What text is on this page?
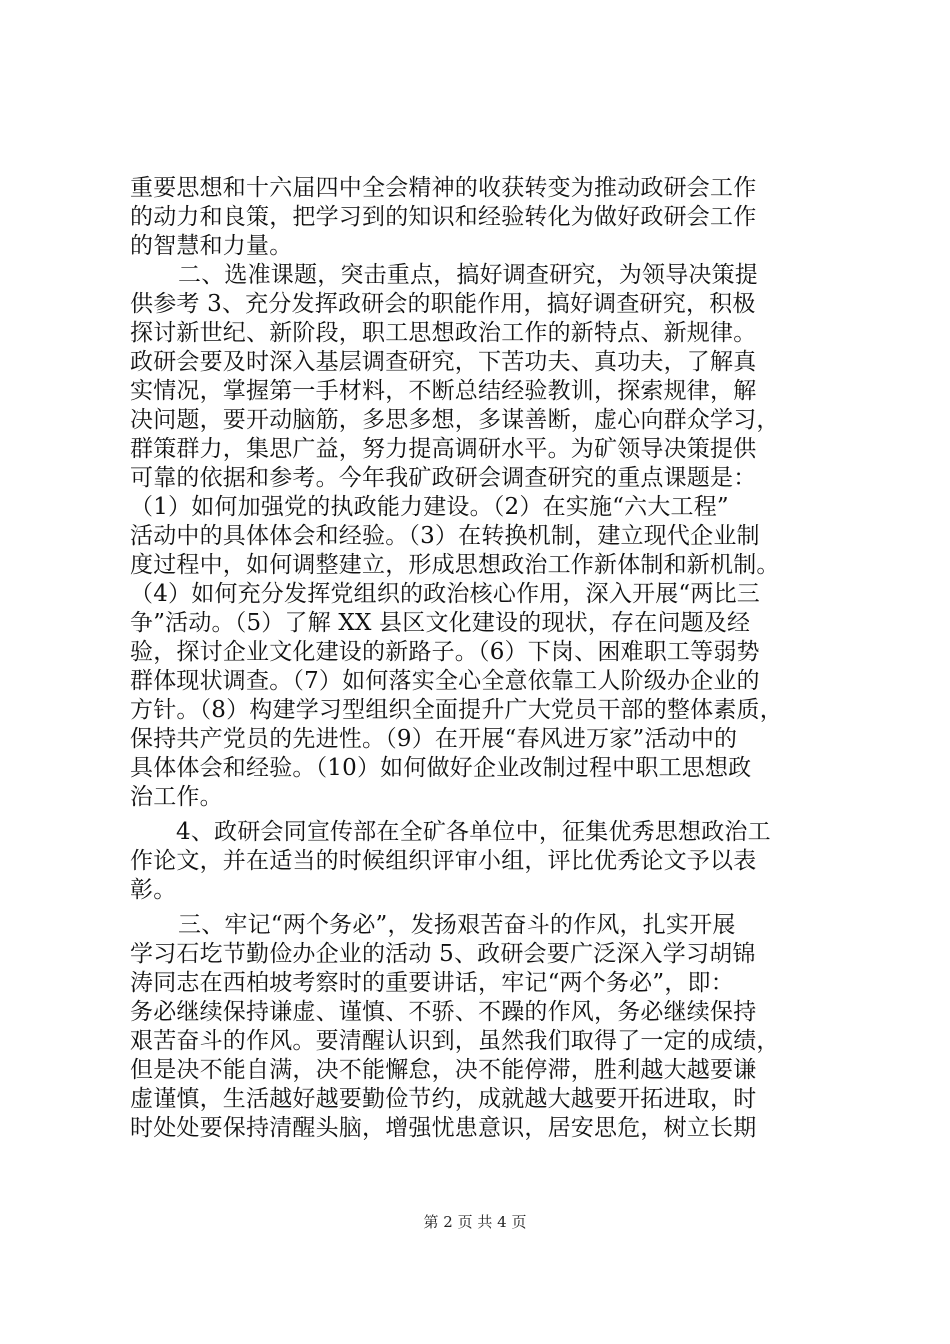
重要思想和十六届四中全会精神的收获转变为推动政研会工作
的动力和良策，把学习到的知识和经验转化为做好政研会工作
的智慧和力量。

二、选准课题，突击重点，搞好调查研究，为领导决策提
供参考 3、充分发挥政研会的职能作用，搞好调查研究，积极
探讨新世纪、新阶段，职工思想政治工作的新特点、新规律。
政研会要及时深入基层调查研究，下苦功夫、真功夫，了解真
实情况，掌握第一手材料，不断总结经验教训，探索规律，解
决问题，要开动脑筋，多思多想，多谋善断，虚心向群众学习，
群策群力，集思广益，努力提高调研水平。为矿领导决策提供
可靠的依据和参考。今年我矿政研会调查研究的重点课题是：
（1）如何加强党的执政能力建设。（2）在实施“六大工程”
活动中的具体体会和经验。（3）在转换机制，建立现代企业制
度过程中，如何调整建立，形成思想政治工作新体制和新机制。
（4）如何充分发挥党组织的政治核心作用，深入开展“两比三
争”活动。（5）了解 XX 县区文化建设的现状，存在问题及经
验，探讨企业文化建设的新路子。（6）下岗、困难职工等弱势
群体现状调查。（7）如何落实全心全意依靠工人阶级办企业的
方针。（8）构建学习型组织全面提升广大党员干部的整体素质，
保持共产党员的先进性。（9）在开展“春风进万家”活动中的
具体体会和经验。（10）如何做好企业改制过程中职工思想政
治工作。

4、政研会同宣传部在全矿各单位中，征集优秀思想政治工
作论文，并在适当的时候组织评审小组，评比优秀论文予以表
彰。

三、牢记“两个务必”，发扬艰苦奋斗的作风，扎实开展
学习石圪节勤俭办企业的活动 5、政研会要广泛深入学习胡锦
涛同志在西柏坡考察时的重要讲话，牢记“两个务必”，即：
务必继续保持谦虚、谨慎、不骄、不躁的作风，务必继续保持
艰苦奋斗的作风。要清醒认识到，虽然我们取得了一定的成绩，
但是决不能自满，决不能懈怠，决不能停滞，胜利越大越要谦
虚谨慎，生活越好越要勤俭节约，成就越大越要开拓进取，时
时处处要保持清醒头脑，增强忧患意识，居安思危，树立长期

第 2 页 共 4 页
